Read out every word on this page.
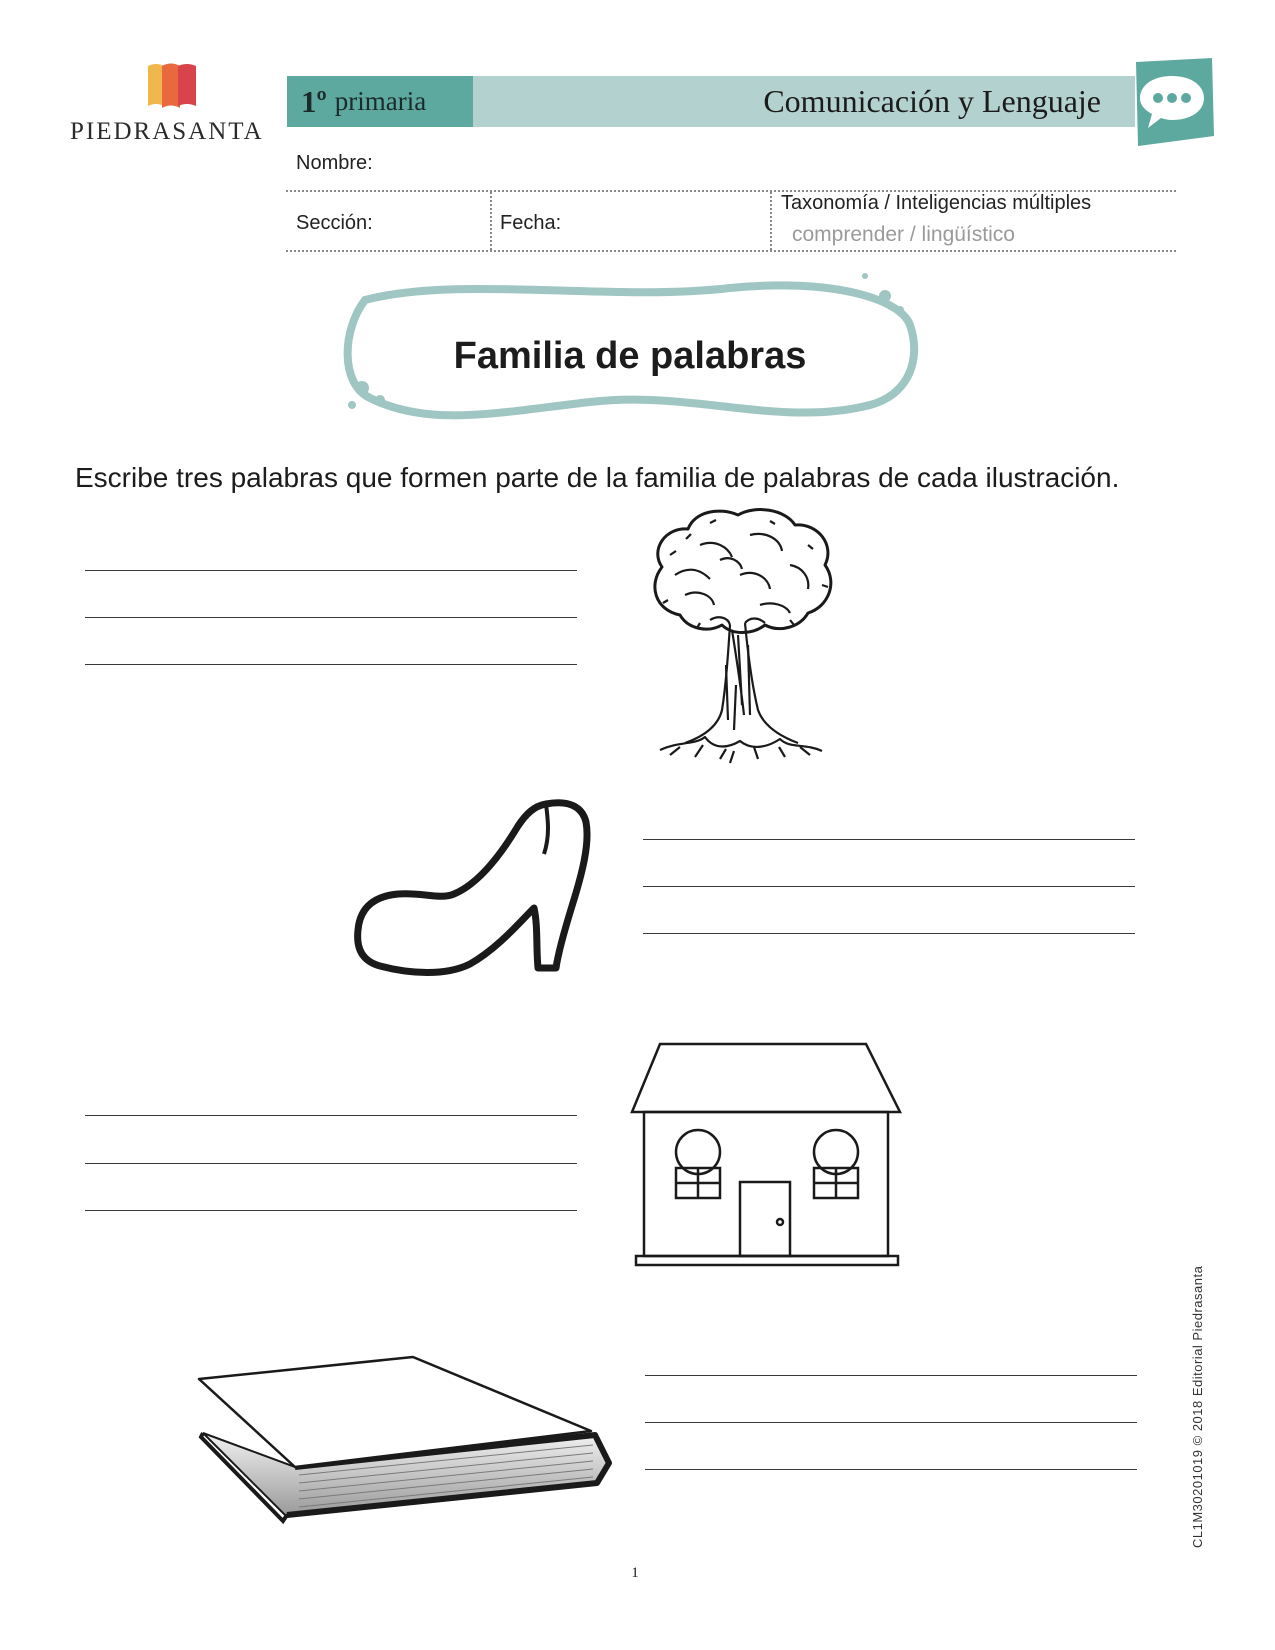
PIEDRASANTA
1º primaria	Comunicación y Lenguaje
Nombre:
Sección:	Fecha:
Taxonomía / Inteligencias múltiples
comprender / lingüístico
Familia de palabras
Escribe tres palabras que formen parte de la familia de palabras de cada ilustración.
CL1M30201019 © 2018 Editorial Piedrasanta
1
